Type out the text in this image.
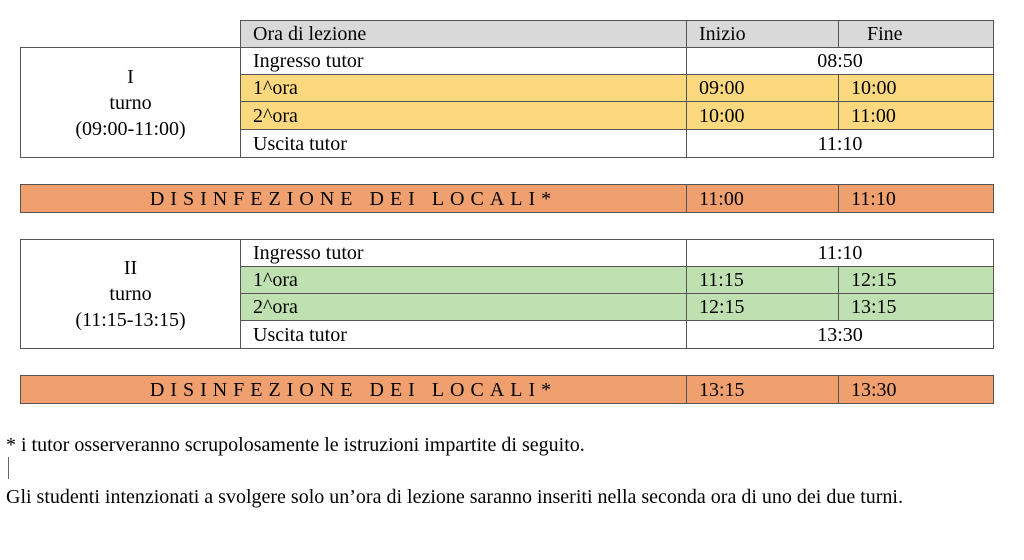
Ora di lezione	Inizio	Fine
I
turno
(09:00-11:00)
Ingresso tutor	08:50
1^ora	09:00	10:00
2^ora	10:00	11:00
Uscita tutor	11:10
DISINFEZIONE DEI LOCALI*	11:00	11:10
II
turno
(11:15-13:15)
Ingresso tutor	11:10
1^ora	11:15	12:15
2^ora	12:15	13:15
Uscita tutor	13:30
DISINFEZIONE DEI LOCALI*	13:15	13:30
* i tutor osserveranno scrupolosamente le istruzioni impartite di seguito.
Gli studenti intenzionati a svolgere solo un’ora di lezione saranno inseriti nella seconda ora di uno dei due turni.
